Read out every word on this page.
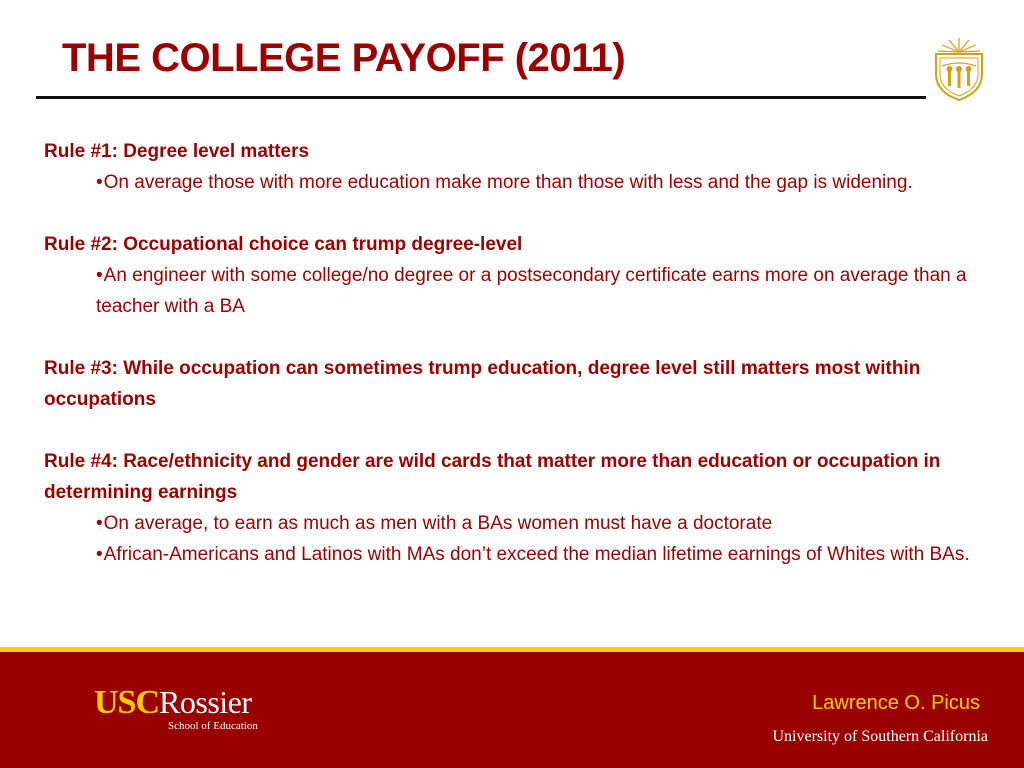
THE COLLEGE PAYOFF (2011)

Rule #1: Degree level matters

•On average those with more education make more than those with less and the gap is widening.

Rule #2: Occupational choice can trump degree-level

•An engineer with some college/no degree or a postsecondary certificate earns more on average than a teacher with a BA

Rule #3: While occupation can sometimes trump education, degree level still matters most within occupations

Rule #4: Race/ethnicity and gender are wild cards that matter more than education or occupation in determining earnings

•On average, to earn as much as men with a BAs women must have a doctorate

•African-Americans and Latinos with MAs don’t exceed the median lifetime earnings of Whites with BAs.

USCRossier
School of Education
Lawrence O. Picus
University of Southern California
